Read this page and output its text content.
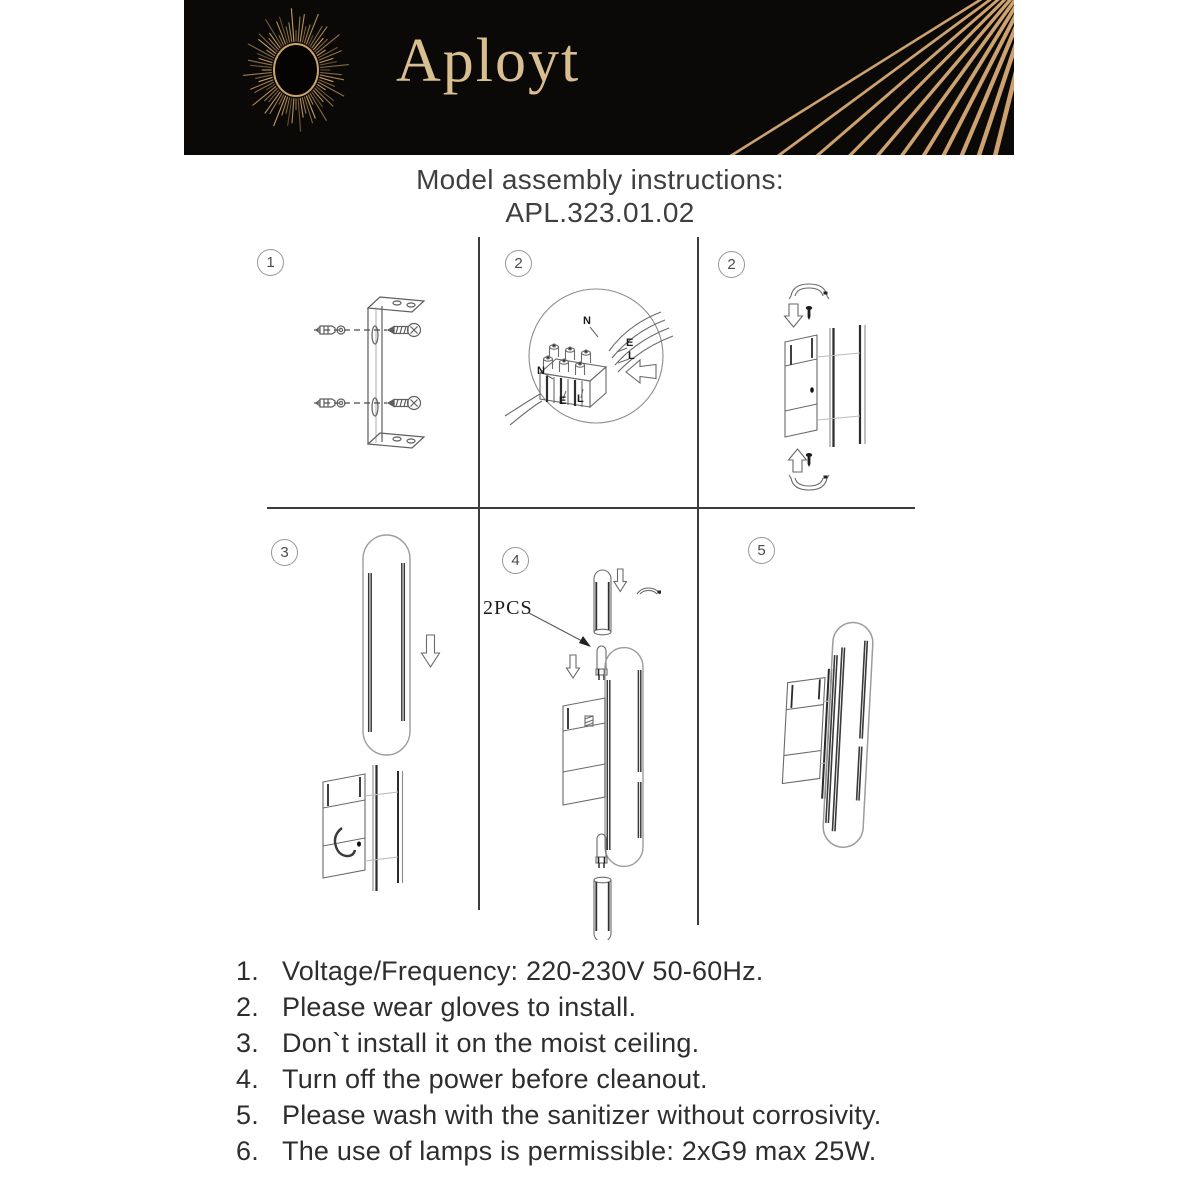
Aployt
Model assembly instructions:
APL.323.01.02
1	2	2
3	4
5
N
E
L
N
E L
2PCS
1. Voltage/Frequency: 220-230V 50-60Hz.
2. Please wear gloves to install.
3. Don`t install it on the moist ceiling.
4. Turn off the power before cleanout.
5. Please wash with the sanitizer without corrosivity.
6. The use of lamps is permissible: 2xG9 max 25W.
